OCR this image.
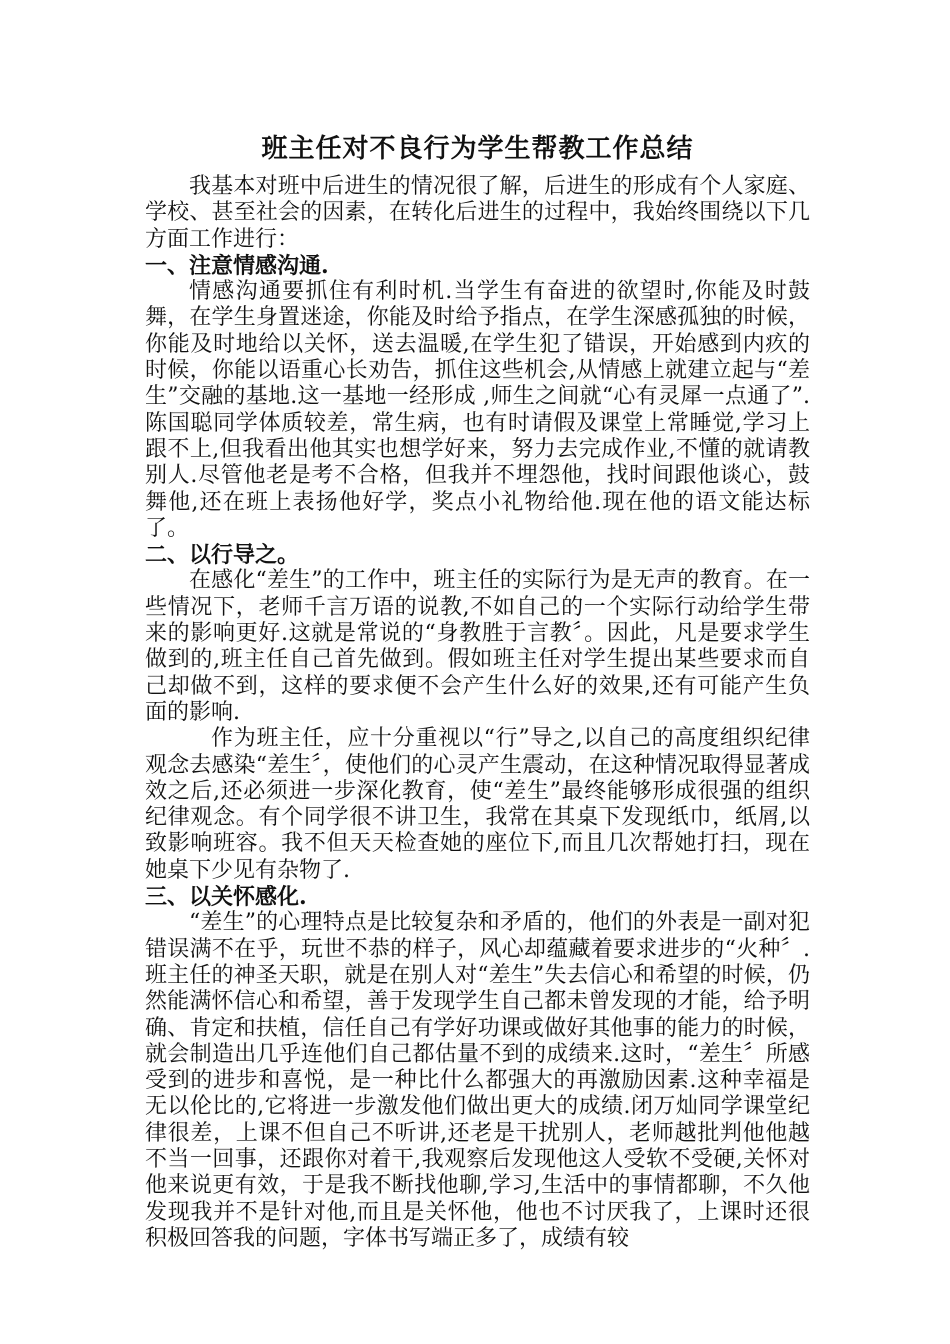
班主任对不良行为学生帮教工作总结

我基本对班中后进生的情况很了解，后进生的形成有个人家庭、学校、甚至社会的因素，在转化后进生的过程中，我始终围绕以下几方面工作进行：

一、注意情感沟通.

情感沟通要抓住有利时机.当学生有奋进的欲望时,你能及时鼓舞，在学生身置迷途，你能及时给予指点，在学生深感孤独的时候，你能及时地给以关怀，送去温暖,在学生犯了错误，开始感到内疚的时候，你能以语重心长劝告，抓住这些机会,从情感上就建立起与“差生”交融的基地.这一基地一经形成 ,师生之间就“心有灵犀一点通了”.陈国聪同学体质较差，常生病，也有时请假及课堂上常睡觉,学习上跟不上,但我看出他其实也想学好来，努力去完成作业,不懂的就请教别人.尽管他老是考不合格，但我并不埋怨他，找时间跟他谈心，鼓舞他,还在班上表扬他好学，奖点小礼物给他.现在他的语文能达标了。

二、以行导之。

在感化“差生”的工作中，班主任的实际行为是无声的教育。在一些情况下，老师千言万语的说教,不如自己的一个实际行动给学生带来的影响更好.这就是常说的“身教胜于言教〞。因此，凡是要求学生做到的,班主任自己首先做到。假如班主任对学生提出某些要求而自己却做不到，这样的要求便不会产生什么好的效果,还有可能产生负面的影响.

作为班主任，应十分重视以“行”导之,以自己的高度组织纪律观念去感染“差生〞，使他们的心灵产生震动，在这种情况取得显著成效之后,还必须进一步深化教育，使“差生”最终能够形成很强的组织纪律观念。有个同学很不讲卫生，我常在其桌下发现纸巾，纸屑,以致影响班容。我不但天天检查她的座位下,而且几次帮她打扫，现在她桌下少见有杂物了.

三、以关怀感化.

“差生”的心理特点是比较复杂和矛盾的，他们的外表是一副对犯错误满不在乎，玩世不恭的样子，风心却蕴藏着要求进步的“火种〞.班主任的神圣天职，就是在别人对“差生”失去信心和希望的时候，仍然能满怀信心和希望，善于发现学生自己都未曾发现的才能，给予明确、肯定和扶植，信任自己有学好功课或做好其他事的能力的时候，就会制造出几乎连他们自己都估量不到的成绩来.这时，“差生〞所感受到的进步和喜悦，是一种比什么都强大的再激励因素.这种幸福是无以伦比的,它将进一步激发他们做出更大的成绩.闭万灿同学课堂纪律很差，上课不但自己不听讲,还老是干扰别人，老师越批判他他越不当一回事，还跟你对着干,我观察后发现他这人受软不受硬,关怀对他来说更有效，于是我不断找他聊,学习,生活中的事情都聊，不久他发现我并不是针对他,而且是关怀他，他也不讨厌我了，上课时还很积极回答我的问题，字体书写端正多了，成绩有较
